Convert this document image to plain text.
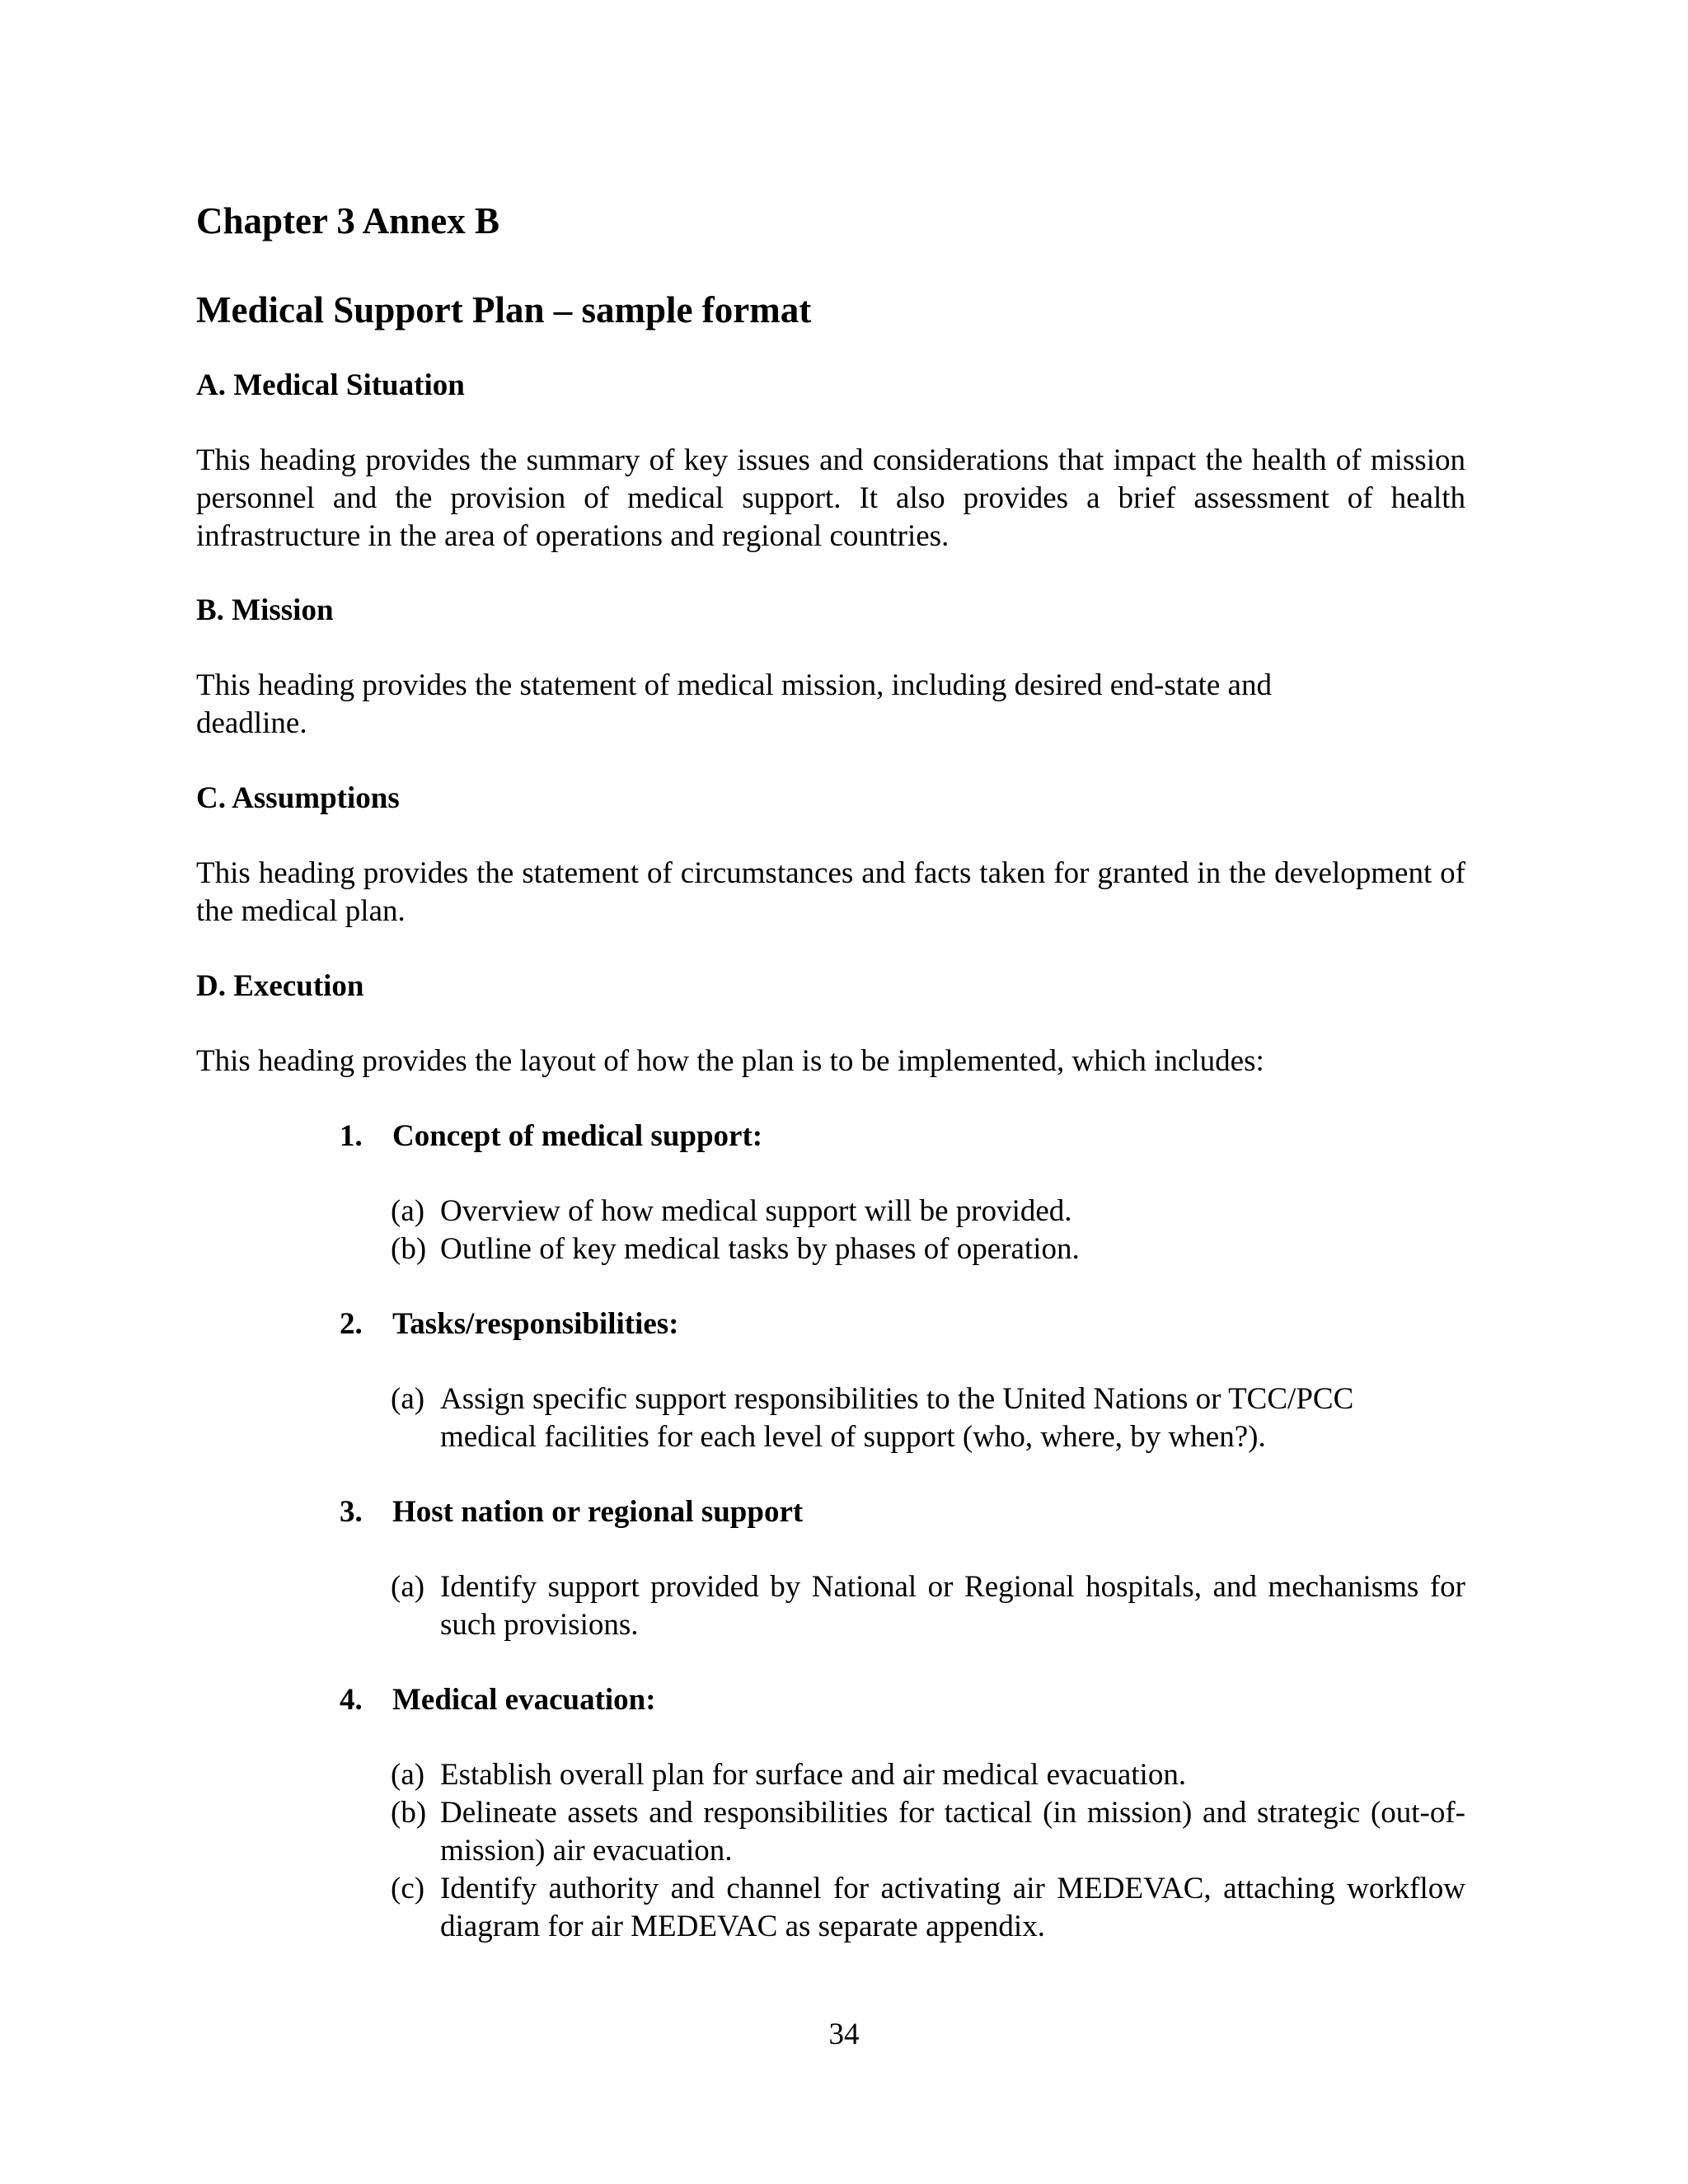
Chapter 3 Annex B
Medical Support Plan – sample format
A. Medical Situation
This heading provides the summary of key issues and considerations that impact the health of mission personnel and the provision of medical support. It also provides a brief assessment of health infrastructure in the area of operations and regional countries.
B. Mission
This heading provides the statement of medical mission, including desired end-state and deadline.
C. Assumptions
This heading provides the statement of circumstances and facts taken for granted in the development of the medical plan.
D. Execution
This heading provides the layout of how the plan is to be implemented, which includes:
1. Concept of medical support:
(a) Overview of how medical support will be provided.
(b) Outline of key medical tasks by phases of operation.
2. Tasks/responsibilities:
(a) Assign specific support responsibilities to the United Nations or TCC/PCC medical facilities for each level of support (who, where, by when?).
3. Host nation or regional support
(a) Identify support provided by National or Regional hospitals, and mechanisms for such provisions.
4. Medical evacuation:
(a) Establish overall plan for surface and air medical evacuation.
(b) Delineate assets and responsibilities for tactical (in mission) and strategic (out-of-mission) air evacuation.
(c) Identify authority and channel for activating air MEDEVAC, attaching workflow diagram for air MEDEVAC as separate appendix.
34
